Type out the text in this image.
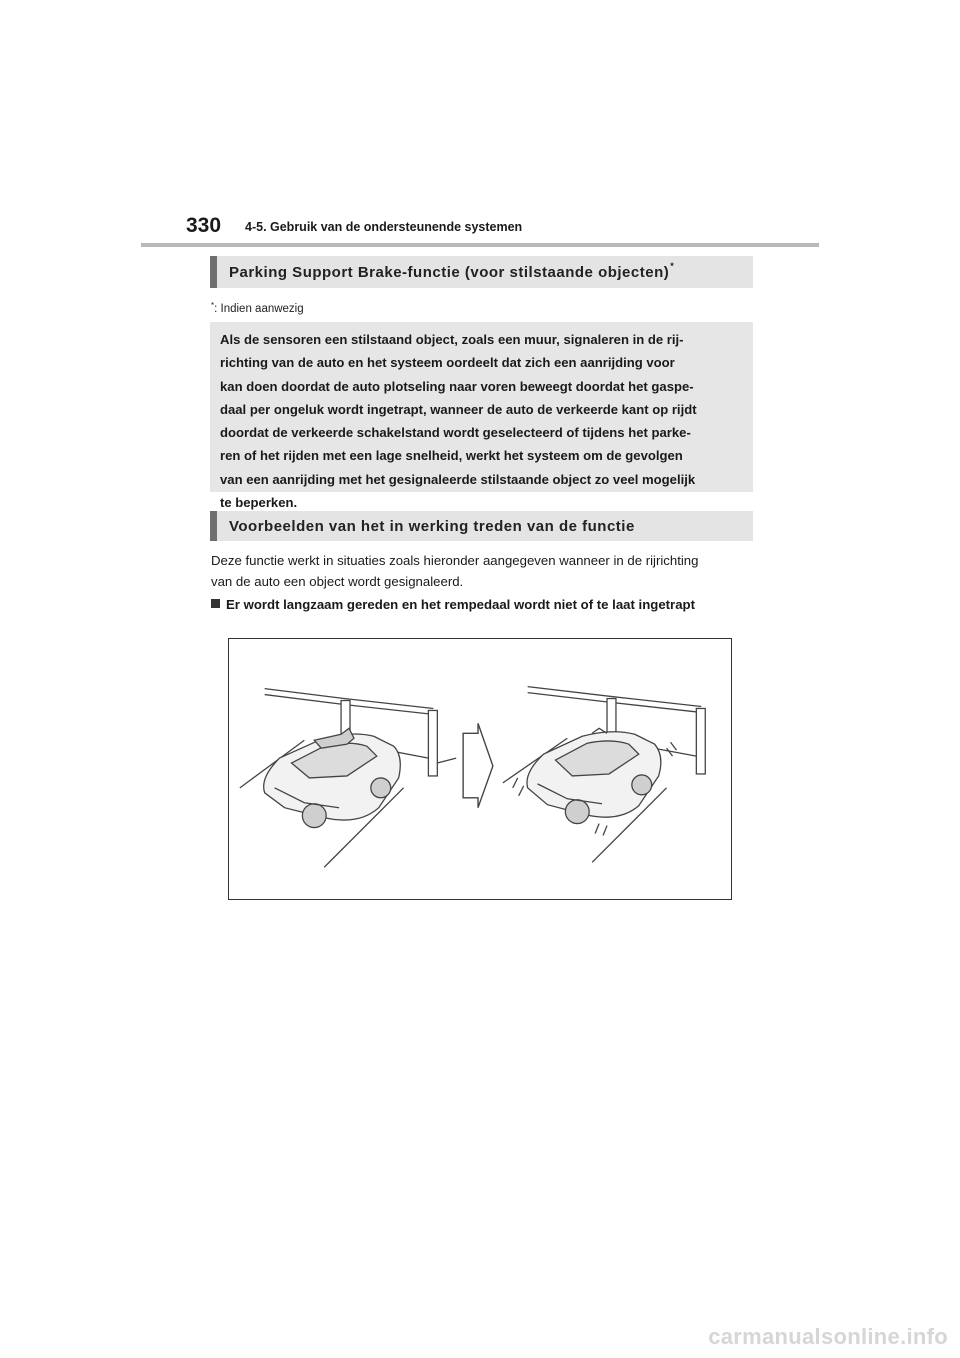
330 4-5. Gebruik van de ondersteunende systemen
Parking Support Brake-functie (voor stilstaande objecten)*
*: Indien aanwezig
Als de sensoren een stilstaand object, zoals een muur, signaleren in de rij-
richting van de auto en het systeem oordeelt dat zich een aanrijding voor
kan doen doordat de auto plotseling naar voren beweegt doordat het gaspe-
daal per ongeluk wordt ingetrapt, wanneer de auto de verkeerde kant op rijdt
doordat de verkeerde schakelstand wordt geselecteerd of tijdens het parke-
ren of het rijden met een lage snelheid, werkt het systeem om de gevolgen
van een aanrijding met het gesignaleerde stilstaande object zo veel mogelijk
te beperken.
Voorbeelden van het in werking treden van de functie
Deze functie werkt in situaties zoals hieronder aangegeven wanneer in de rijrichting
van de auto een object wordt gesignaleerd.
Er wordt langzaam gereden en het rempedaal wordt niet of te laat ingetrapt
carmanualsonline.info
